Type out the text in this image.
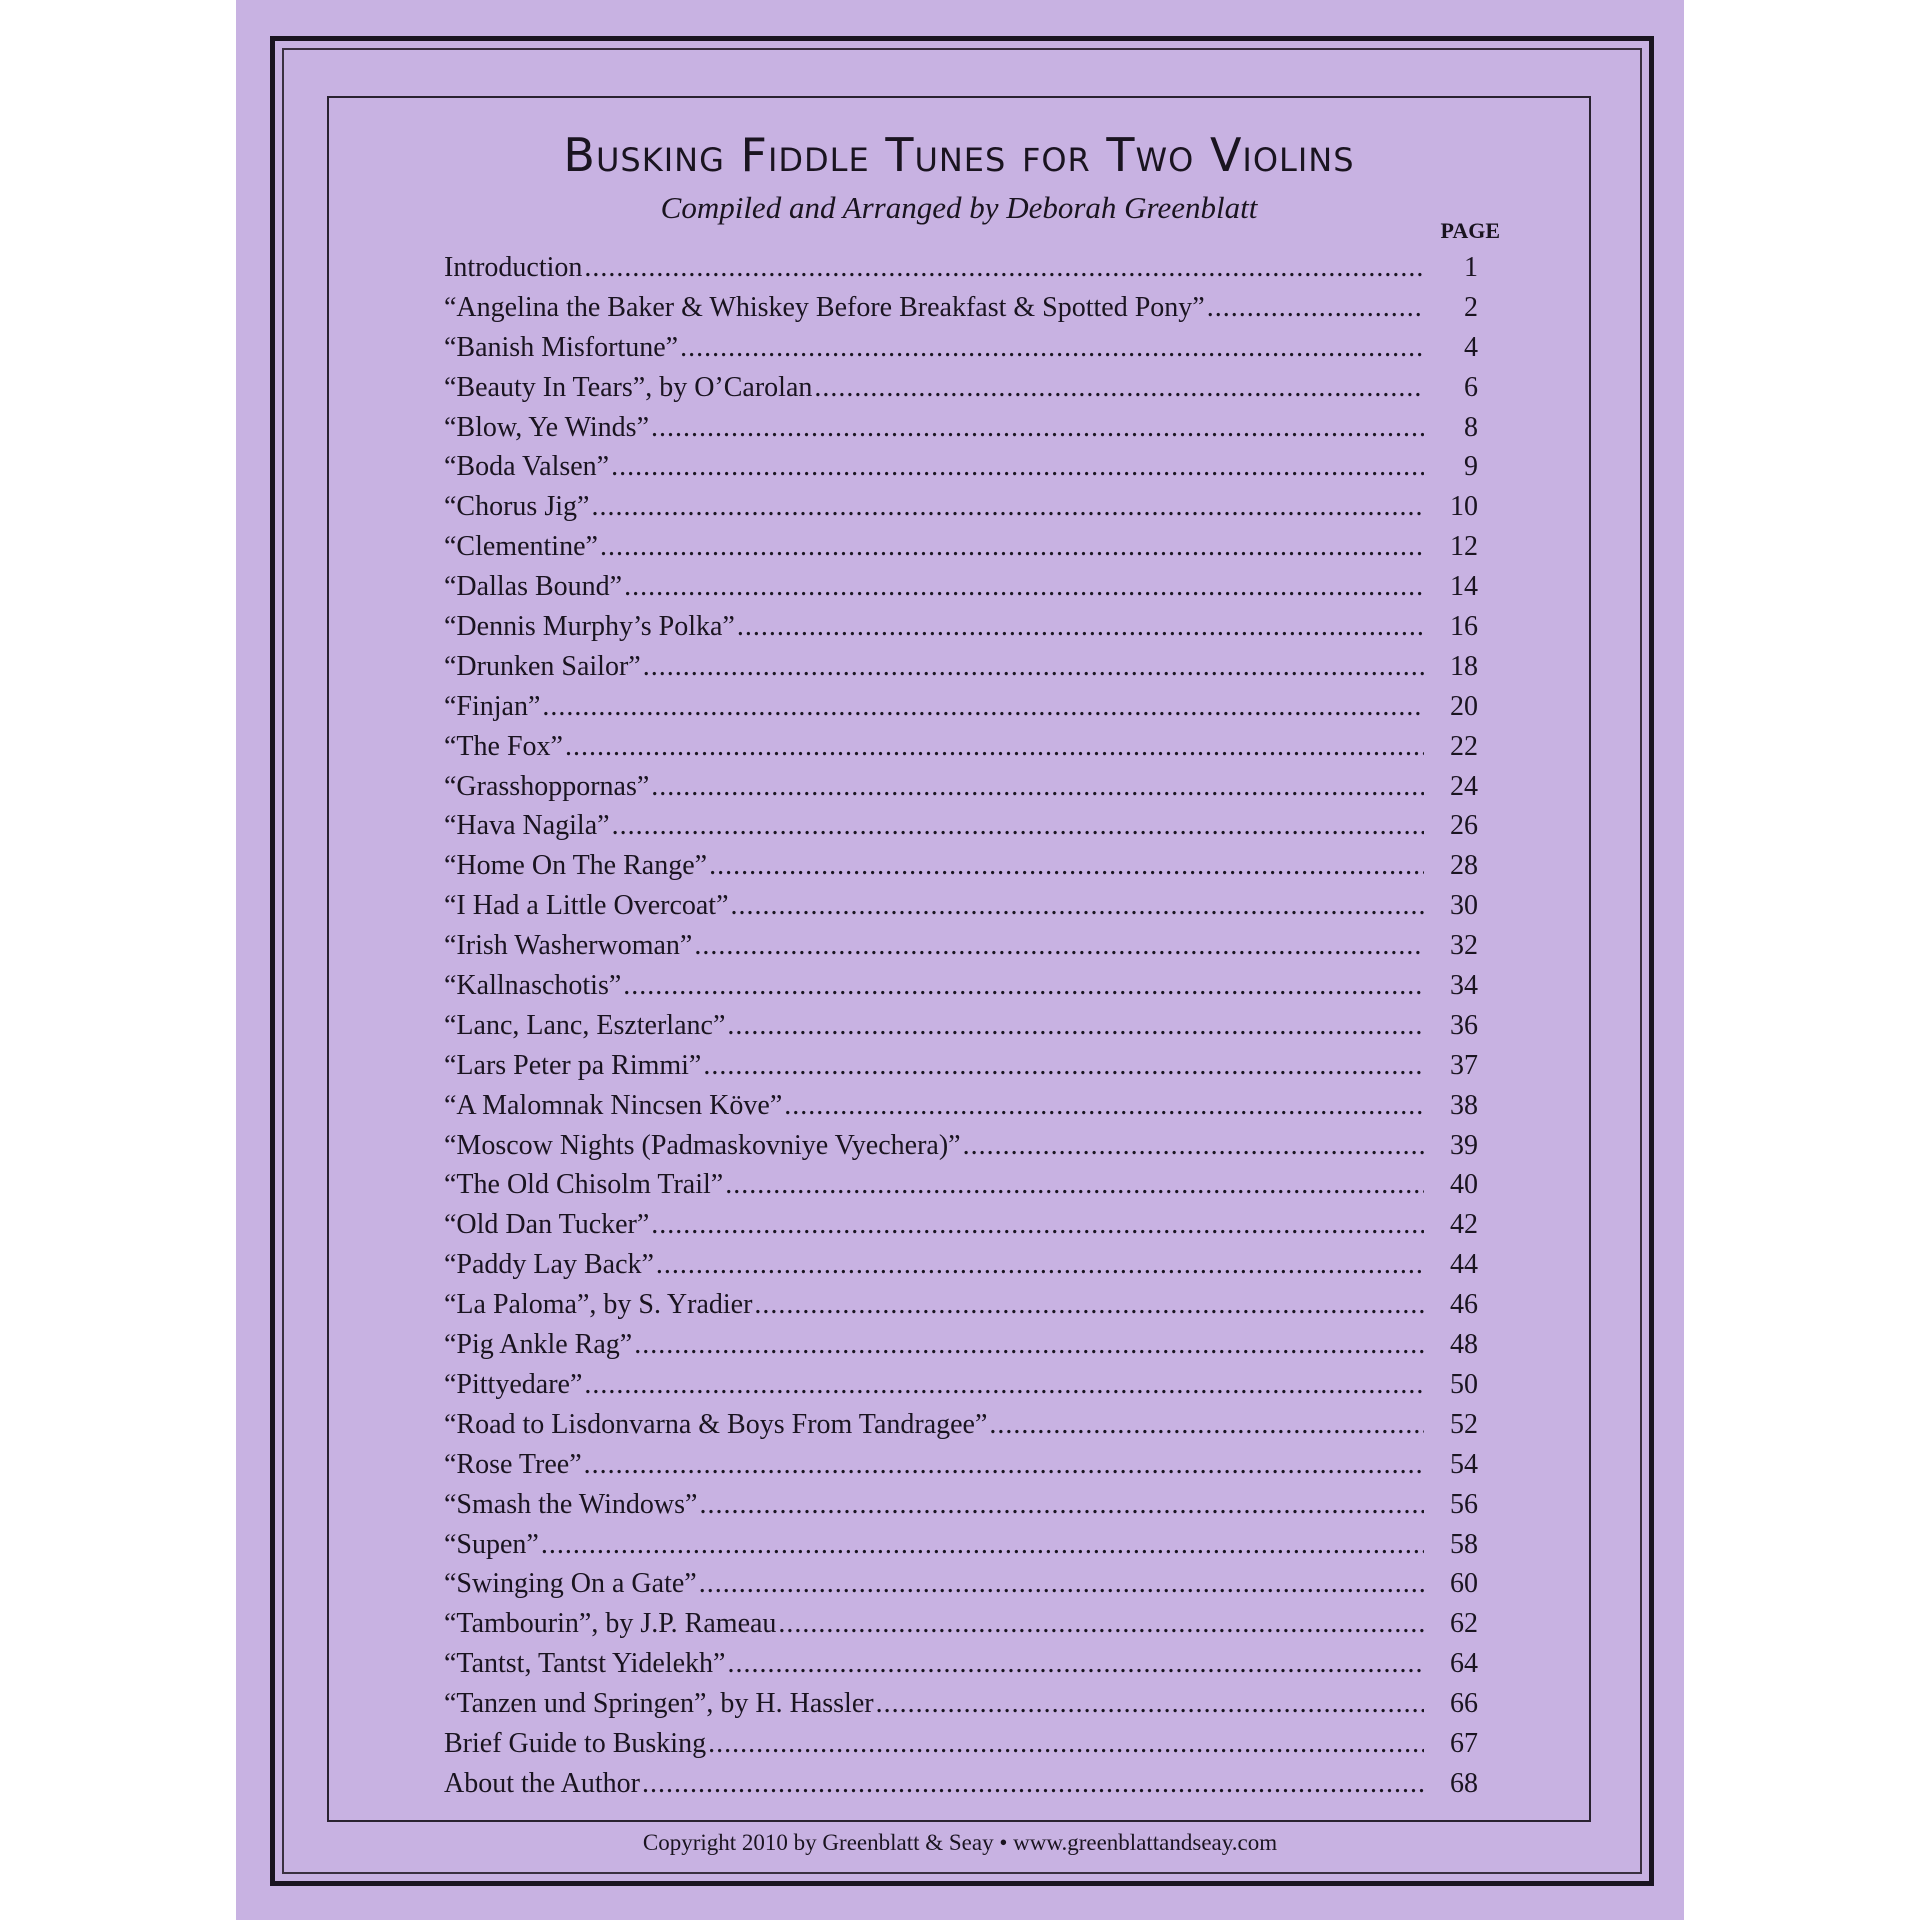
Busking Fiddle Tunes for Two Violins
Compiled and Arranged by Deborah Greenblatt
PAGE
Introduction .....	1
“Angelina the Baker & Whiskey Before Breakfast & Spotted Pony” .....	2
“Banish Misfortune” .....	4
“Beauty In Tears”, by O’Carolan .....	6
“Blow, Ye Winds” .....	8
“Boda Valsen” .....	9
“Chorus Jig” .....	10
“Clementine” .....	12
“Dallas Bound” .....	14
“Dennis Murphy’s Polka” .....	16
“Drunken Sailor” .....	18
“Finjan” .....	20
“The Fox” .....	22
“Grasshoppornas” .....	24
“Hava Nagila” .....	26
“Home On The Range” .....	28
“I Had a Little Overcoat” .....	30
“Irish Washerwoman” .....	32
“Kallnaschotis” .....	34
“Lanc, Lanc, Eszterlanc” .....	36
“Lars Peter pa Rimmi” .....	37
“A Malomnak Nincsen Köve” .....	38
“Moscow Nights (Padmaskovniye Vyechera)” .....	39
“The Old Chisolm Trail” .....	40
“Old Dan Tucker” .....	42
“Paddy Lay Back” .....	44
“La Paloma”, by S. Yradier .....	46
“Pig Ankle Rag” .....	48
“Pittyedare” .....	50
“Road to Lisdonvarna & Boys From Tandragee” .....	52
“Rose Tree” .....	54
“Smash the Windows” .....	56
“Supen” .....	58
“Swinging On a Gate” .....	60
“Tambourin”, by J.P. Rameau .....	62
“Tantst, Tantst Yidelekh” .....	64
“Tanzen und Springen”, by H. Hassler .....	66
Brief Guide to Busking .....	67
About the Author .....	68
Copyright 2010 by Greenblatt & Seay • www.greenblattandseay.com
